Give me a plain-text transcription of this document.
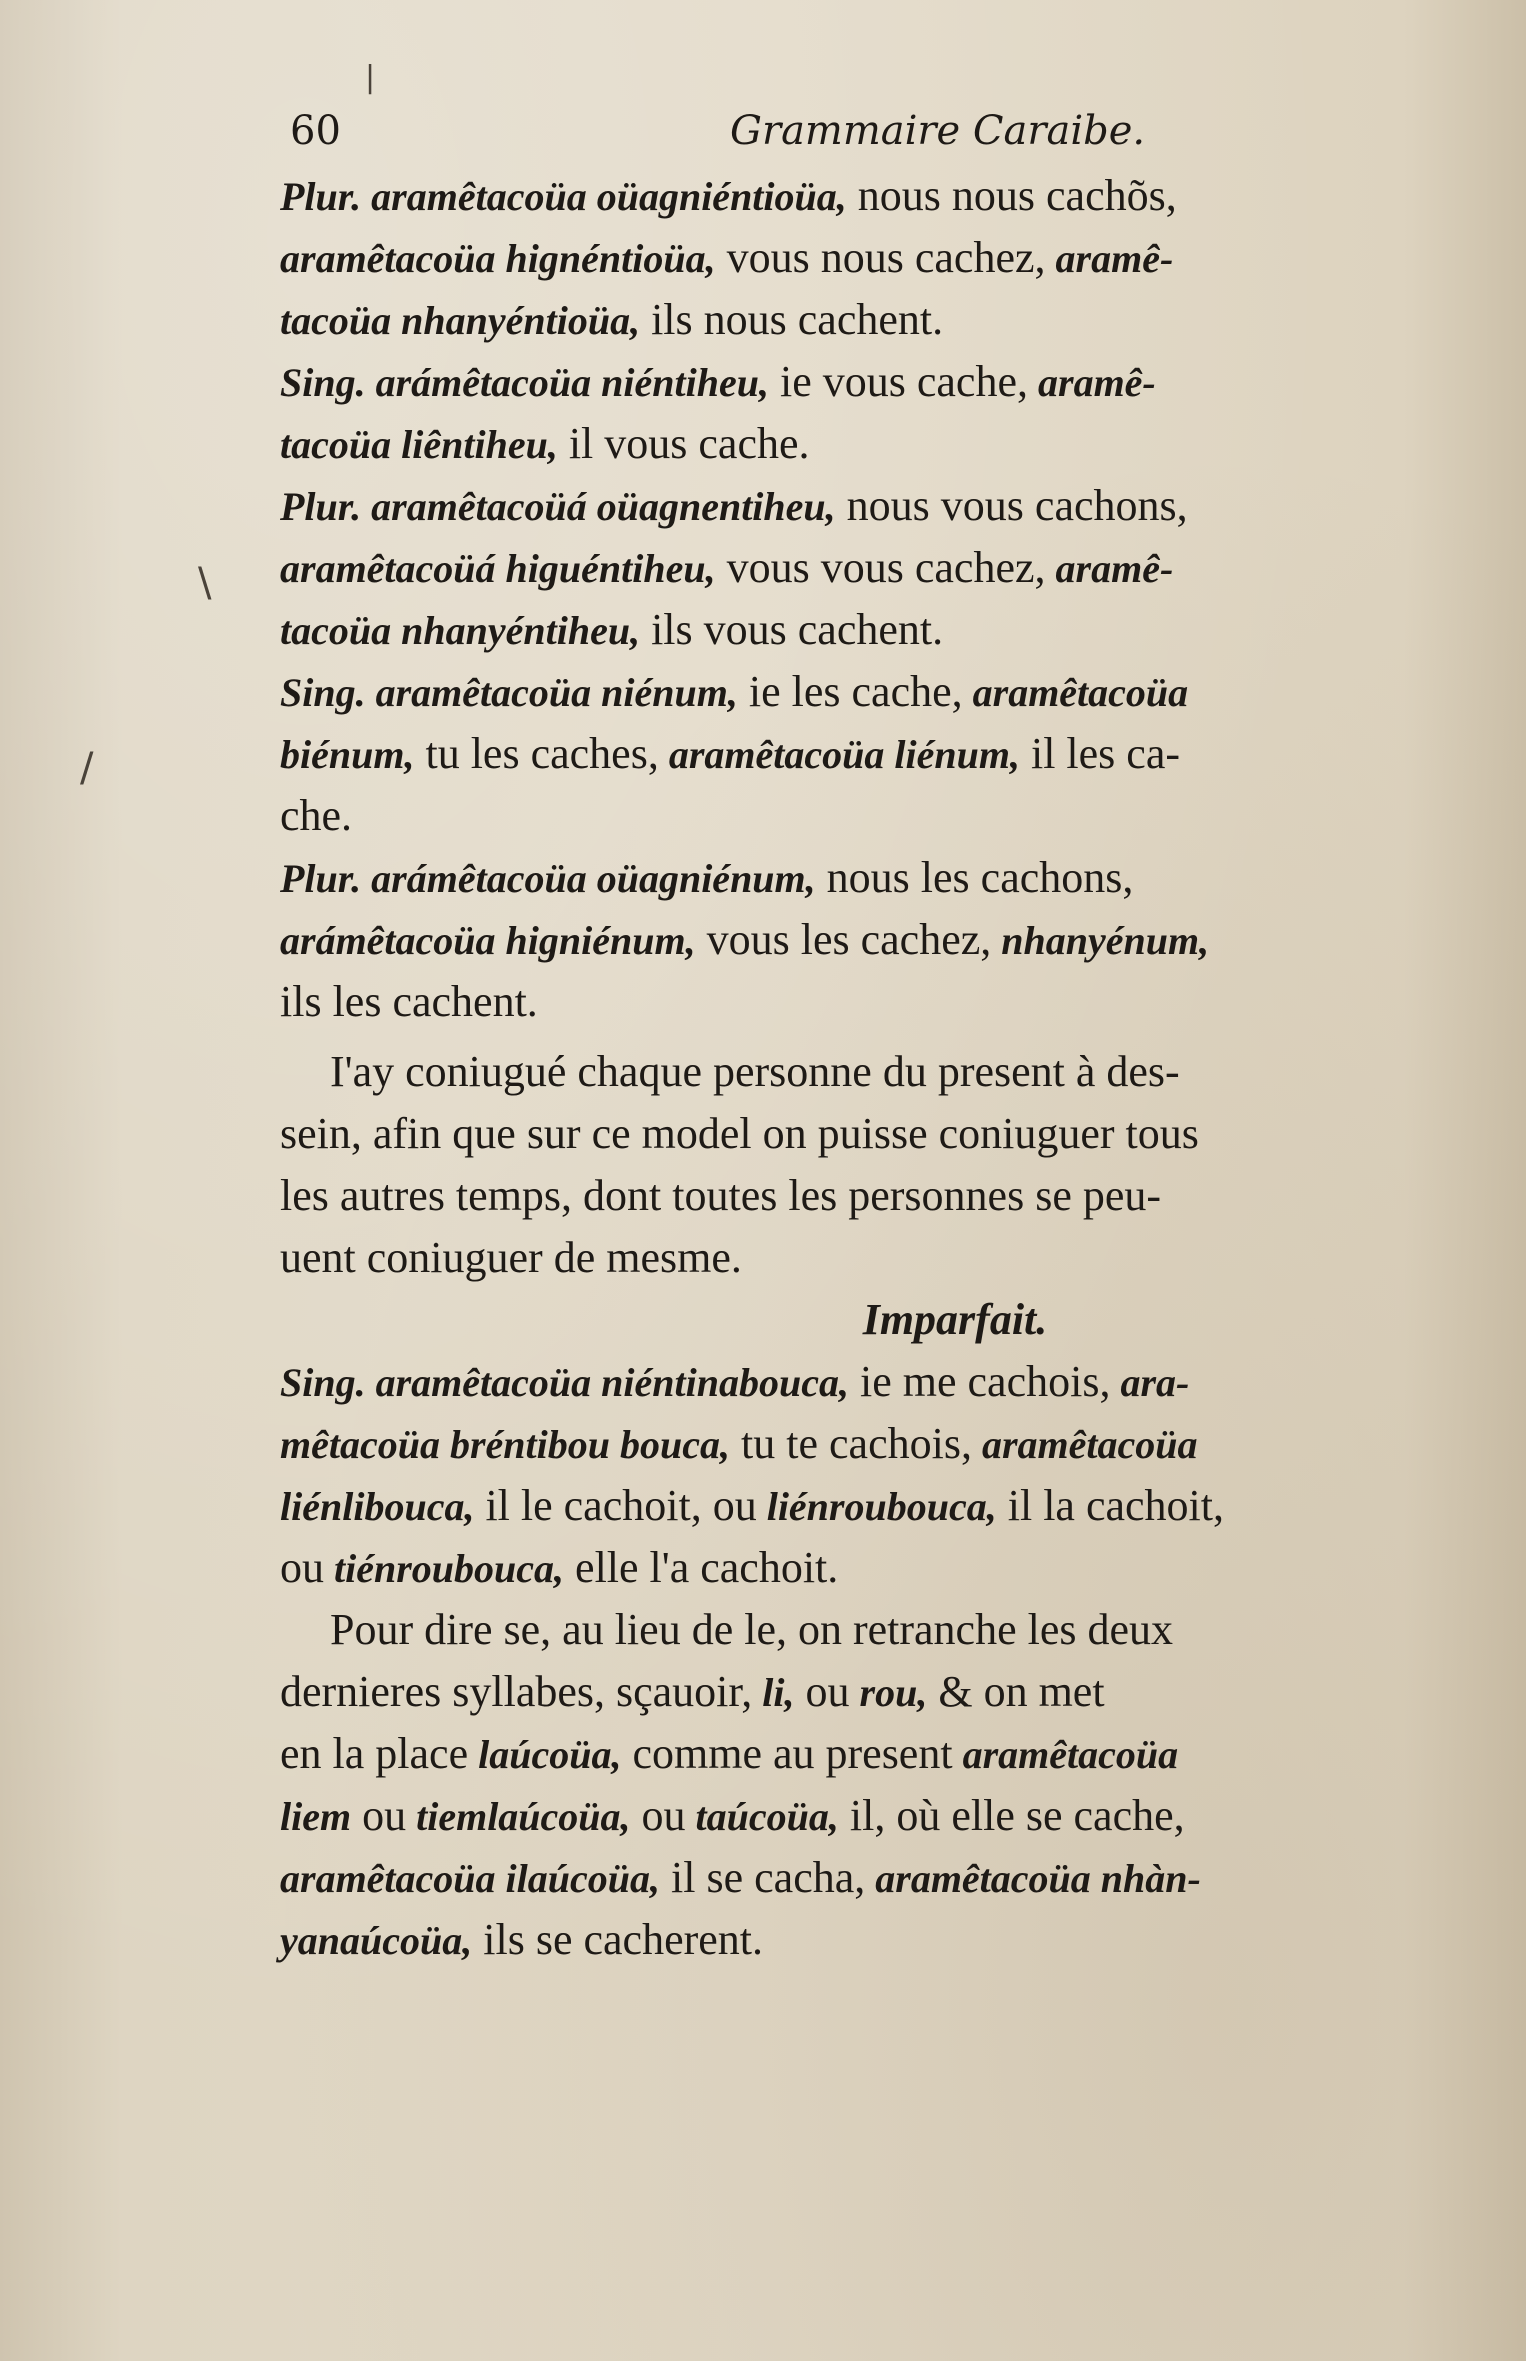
60	Grammaire Caraibe.
Plur. aramêtacoüa oüagniéntioüa, nous nous cachõs,
aramêtacoüa hignéntioüa, vous nous cachez, aramê-
tacoüa nhanyéntioüa, ils nous cachent.
Sing. arámêtacoüa niéntiheu, ie vous cache, aramê-
tacoüa liêntiheu, il vous cache.
Plur. aramêtacoüá oüagnentiheu, nous vous cachons,
aramêtacoüá higuéntiheu, vous vous cachez, aramê-
tacoüa nhanyéntiheu, ils vous cachent.
Sing. aramêtacoüa niénum, ie les cache, aramêtacoüa
biénum, tu les caches, aramêtacoüa liénum, il les ca-
che.
Plur. arámêtacoüa oüagniénum, nous les cachons,
arámêtacoüa higniénum, vous les cachez, nhanyénum,
ils les cachent.
I'ay coniugué chaque personne du present à des-
sein, afin que sur ce model on puisse coniuguer tous
les autres temps, dont toutes les personnes se peu-
uent coniuguer de mesme.
Imparfait.
Sing. aramêtacoüa niéntinabouca, ie me cachois, ara-
mêtacoüa bréntibou bouca, tu te cachois, aramêtacoüa
liénlibouca, il le cachoit, ou liénroubouca, il la cachoit,
ou tiénroubouca, elle l'a cachoit.
Pour dire se, au lieu de le, on retranche les deux
dernieres syllabes, sçauoir, li, ou rou, & on met
en la place laúcoüa, comme au present aramêtacoüa
liem ou tiemlaúcoüa, ou taúcoüa, il, où elle se cache,
aramêtacoüa ilaúcoüa, il se cacha, aramêtacoüa nhàn-
yanaúcoüa, ils se cacherent.
\
/
|
